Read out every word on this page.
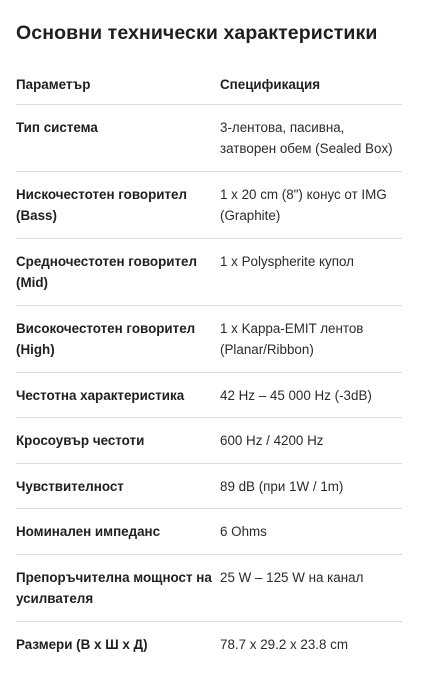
Основни технически характеристики
Параметър	Спецификация
Тип система	3-лентова, пасивна, затворен обем (Sealed Box)
Нискочестотен говорител (Bass)	1 x 20 cm (8") конус от IMG (Graphite)
Средночестотен говорител (Mid)	1 x Polyspherite купол
Високочестотен говорител (High)	1 x Kappa-EMIT лентов (Planar/Ribbon)
Честотна характеристика	42 Hz – 45 000 Hz (-3dB)
Кросоувър честоти	600 Hz / 4200 Hz
Чувствителност	89 dB (при 1W / 1m)
Номинален импеданс	6 Ohms
Препоръчителна мощност на усилвателя	25 W – 125 W на канал
Размери (В x Ш x Д)	78.7 x 29.2 x 23.8 cm
